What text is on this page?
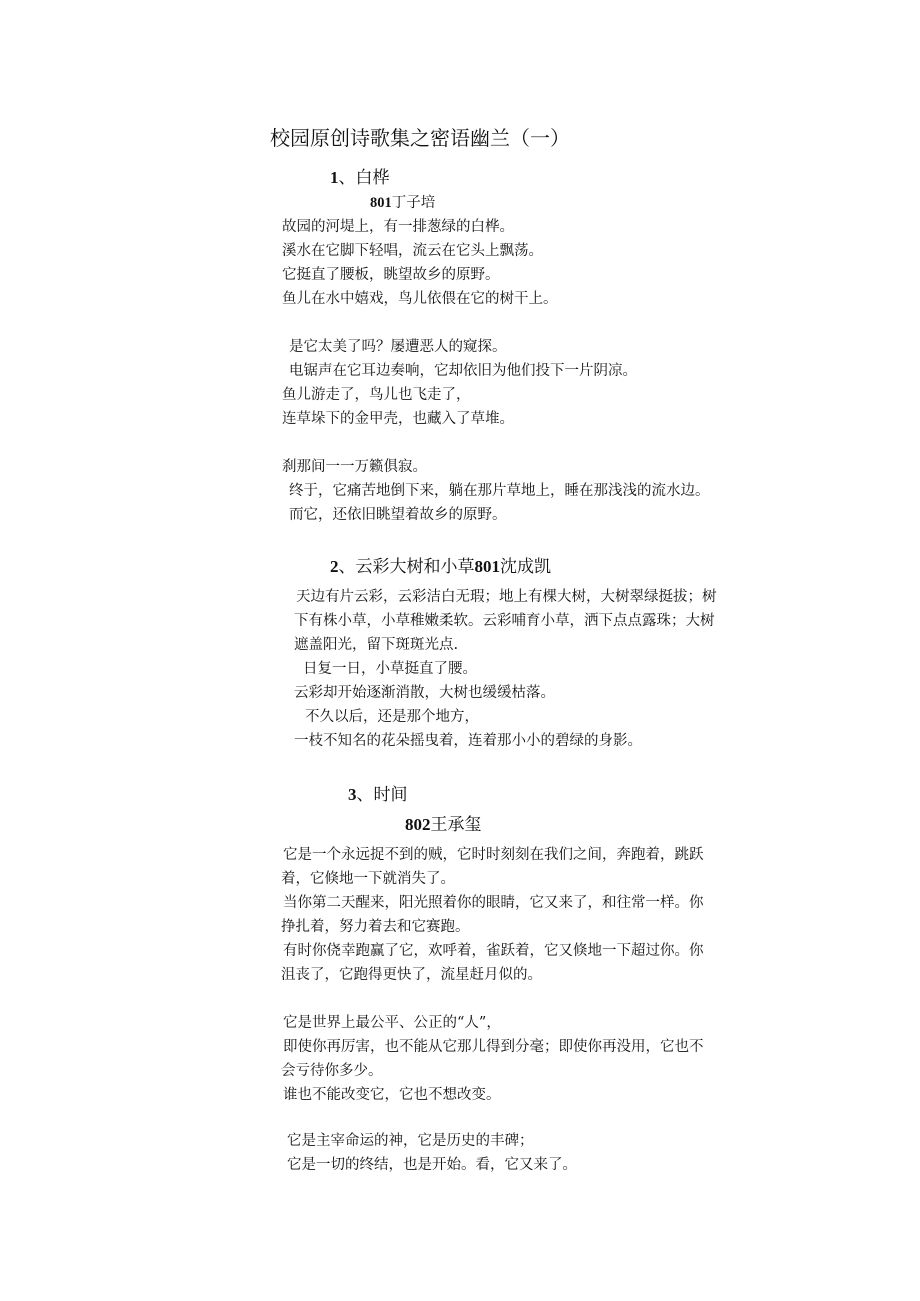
校园原创诗歌集之密语幽兰（一）
1、白桦
801丁子培

故园的河堤上，有一排葱绿的白桦。

溪水在它脚下轻唱，流云在它头上飘荡。

它挺直了腰板，眺望故乡的原野。

鱼儿在水中嬉戏，鸟儿依偎在它的树干上。

是它太美了吗？屡遭恶人的窥探。

电锯声在它耳边奏响，它却依旧为他们投下一片阴凉。

鱼儿游走了，鸟儿也飞走了，

连草垛下的金甲壳，也藏入了草堆。

刹那间一一万籁俱寂。

终于，它痛苦地倒下来，躺在那片草地上，睡在那浅浅的流水边。

而它，还依旧眺望着故乡的原野。

2、云彩大树和小草801沈成凯

天边有片云彩，云彩洁白无瑕；地上有棵大树，大树翠绿挺拔；树

下有株小草，小草稚嫩柔软。云彩哺育小草，洒下点点露珠；大树

遮盖阳光，留下斑斑光点.

日复一日，小草挺直了腰。

云彩却开始逐渐消散，大树也缓缓枯落。

不久以后，还是那个地方，

一枝不知名的花朵摇曳着，连着那小小的碧绿的身影。

3、时间
802王承玺

它是一个永远捉不到的贼，它时时刻刻在我们之间，奔跑着，跳跃

着，它倏地一下就消失了。

当你第二天醒来，阳光照着你的眼睛，它又来了，和往常一样。你

挣扎着，努力着去和它赛跑。

有时你侥幸跑赢了它，欢呼着，雀跃着，它又倏地一下超过你。你

沮丧了，它跑得更快了，流星赶月似的。

它是世界上最公平、公正的“人”，

即使你再厉害，也不能从它那儿得到分毫；即使你再没用，它也不

会亏待你多少。

谁也不能改变它，它也不想改变。

它是主宰命运的神，它是历史的丰碑；

它是一切的终结，也是开始。看，它又来了。
